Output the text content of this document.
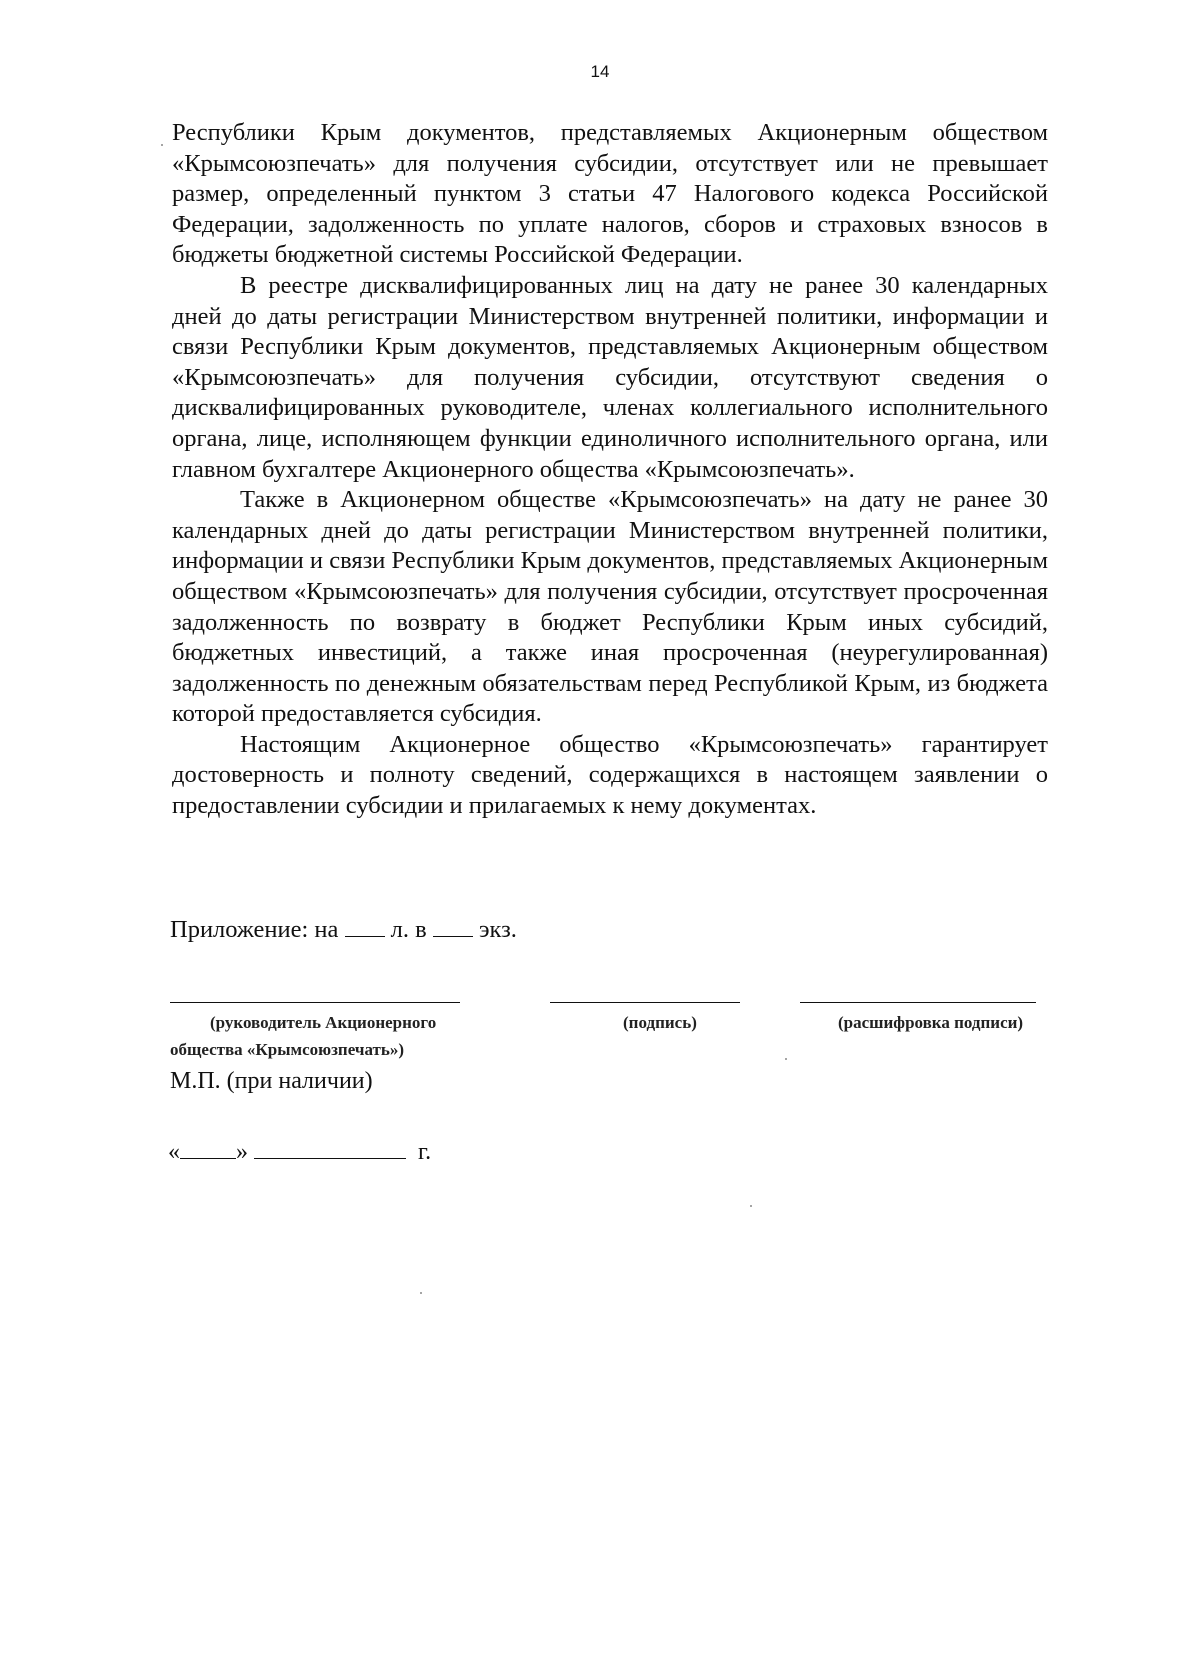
14

Республики Крым документов, представляемых Акционерным обществом «Крымсоюзпечать» для получения субсидии, отсутствует или не превышает размер, определенный пунктом 3 статьи 47 Налогового кодекса Российской Федерации, задолженность по уплате налогов, сборов и страховых взносов в бюджеты бюджетной системы Российской Федерации.

В реестре дисквалифицированных лиц на дату не ранее 30 календарных дней до даты регистрации Министерством внутренней политики, информации и связи Республики Крым документов, представляемых Акционерным обществом «Крымсоюзпечать» для получения субсидии, отсутствуют сведения о дисквалифицированных руководителе, членах коллегиального исполнительного органа, лице, исполняющем функции единоличного исполнительного органа, или главном бухгалтере Акционерного общества «Крымсоюзпечать».

Также в Акционерном обществе «Крымсоюзпечать» на дату не ранее 30 календарных дней до даты регистрации Министерством внутренней политики, информации и связи Республики Крым документов, представляемых Акционерным обществом «Крымсоюзпечать» для получения субсидии, отсутствует просроченная задолженность по возврату в бюджет Республики Крым иных субсидий, бюджетных инвестиций, а также иная просроченная (неурегулированная) задолженность по денежным обязательствам перед Республикой Крым, из бюджета которой предоставляется субсидия.

Настоящим Акционерное общество «Крымсоюзпечать» гарантирует достоверность и полноту сведений, содержащихся в настоящем заявлении о предоставлении субсидии и прилагаемых к нему документах.

Приложение: на л. в экз.
(руководитель Акционерного
общества «Крымсоюзпечать»)
(подпись)	(расшифровка подписи)
М.П. (при наличии)
« »	г.
